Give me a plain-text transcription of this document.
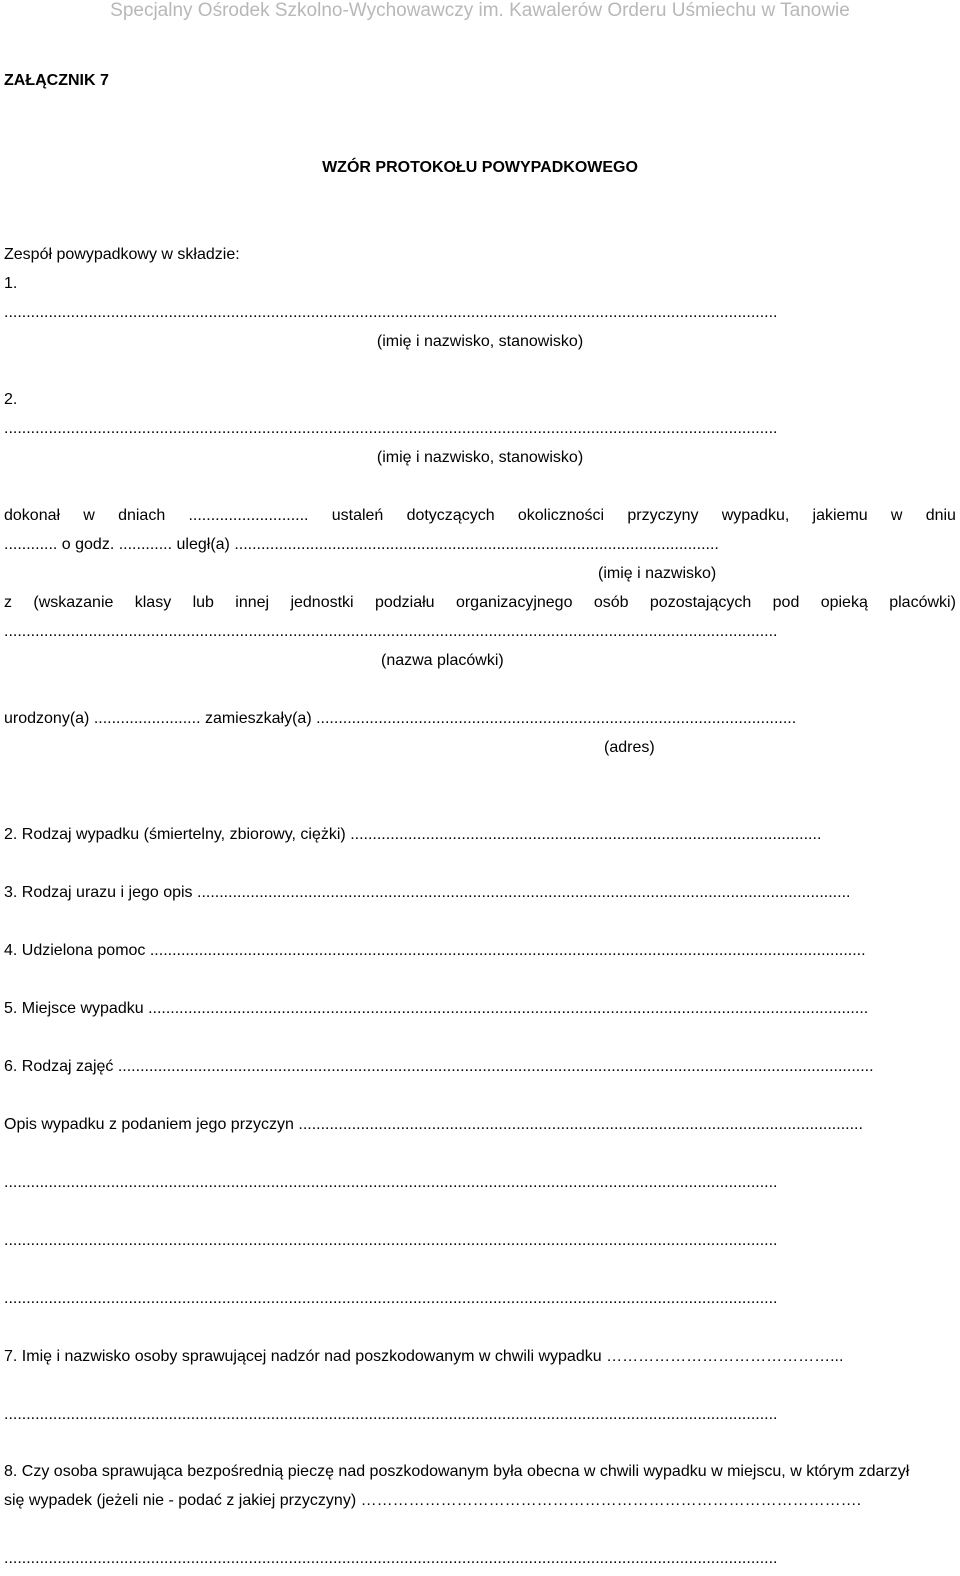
Specjalny Ośrodek Szkolno-Wychowawczy im. Kawalerów Orderu Uśmiechu w Tanowie
ZAŁĄCZNIK 7
WZÓR PROTOKOŁU POWYPADKOWEGO
Zespół powypadkowy w składzie:
1.
..............................................................................................................................................................................
(imię i nazwisko, stanowisko)
2.
..............................................................................................................................................................................
(imię i nazwisko, stanowisko)
dokonał w dniach ........................... ustaleń dotyczących okoliczności przyczyny wypadku, jakiemu w dniu
............ o godz. ............ uległ(a) .............................................................................................................
(imię i nazwisko)
z (wskazanie klasy lub innej jednostki podziału organizacyjnego osób pozostających pod opieką placówki)
..............................................................................................................................................................................
(nazwa placówki)
urodzony(a) ........................ zamieszkały(a) ............................................................................................................
(adres)
2. Rodzaj wypadku (śmiertelny, zbiorowy, ciężki) ..........................................................................................................
3. Rodzaj urazu i jego opis ...................................................................................................................................................
4. Udzielona pomoc .................................................................................................................................................................
5. Miejsce wypadku ..................................................................................................................................................................
6. Rodzaj zajęć ..........................................................................................................................................................................
Opis wypadku z podaniem jego przyczyn ...............................................................................................................................
..............................................................................................................................................................................
..............................................................................................................................................................................
..............................................................................................................................................................................
7. Imię i nazwisko osoby sprawującej nadzór nad poszkodowanym w chwili wypadku ……………………………………...
..............................................................................................................................................................................
8. Czy osoba sprawująca bezpośrednią pieczę nad poszkodowanym była obecna w chwili wypadku w miejscu, w którym zdarzył
się wypadek (jeżeli nie - podać z jakiej przyczyny) ………………………………………………………………………………….
..............................................................................................................................................................................
